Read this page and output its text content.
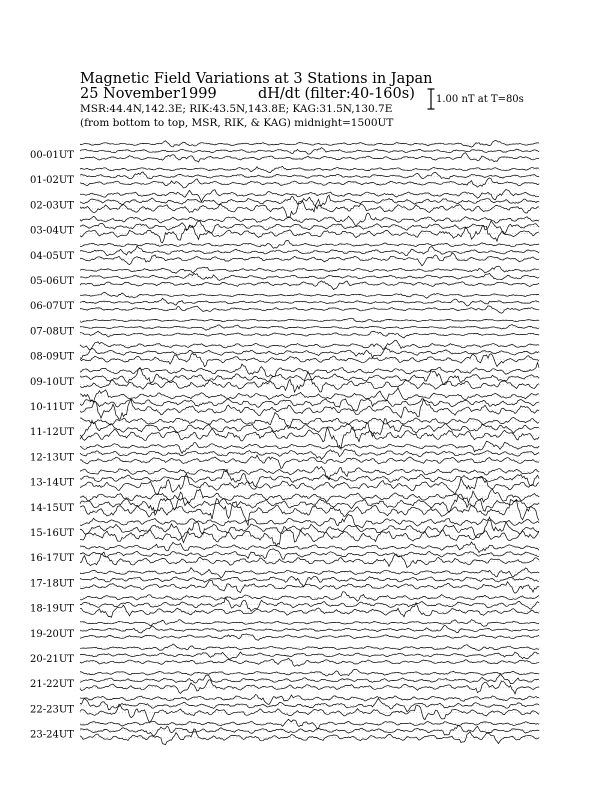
Magnetic Field Variations at 3 Stations in Japan
25 November1999	dH/dt (filter:40-160s)
MSR:44.4N,142.3E; RIK:43.5N,143.8E; KAG:31.5N,130.7E
(from bottom to top, MSR, RIK, & KAG) midnight=1500UT
1.00 nT at T=80s
00-01UT
01-02UT
02-03UT
03-04UT
04-05UT
05-06UT
06-07UT
07-08UT
08-09UT
09-10UT
10-11UT
11-12UT
12-13UT
13-14UT
14-15UT
15-16UT
16-17UT
17-18UT
18-19UT
19-20UT
20-21UT
21-22UT
22-23UT
23-24UT
